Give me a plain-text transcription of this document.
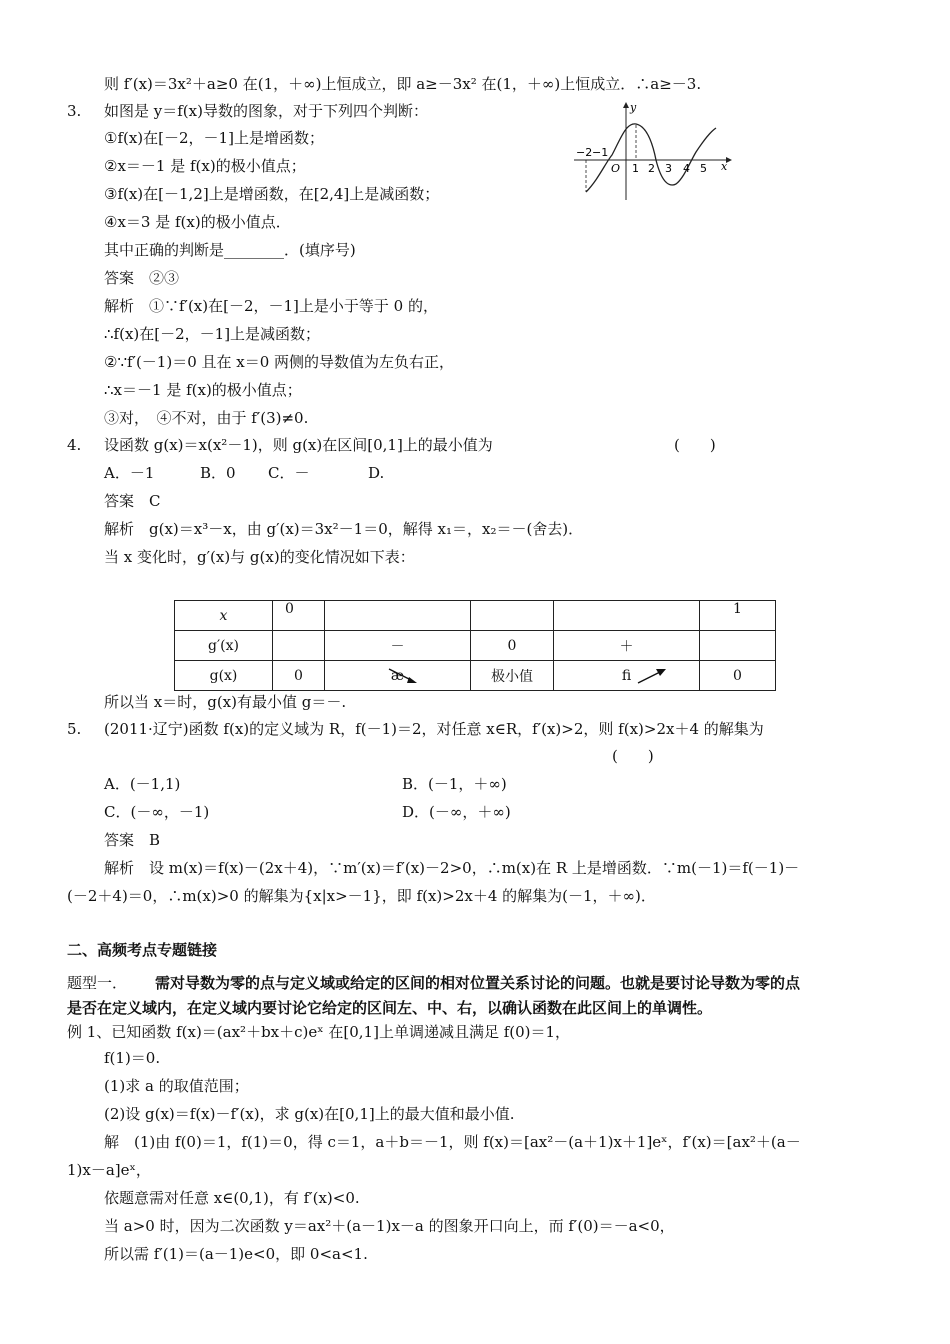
则 f′(x)＝3x²＋a≥0 在(1，＋∞)上恒成立，即 a≥－3x² 在(1，＋∞)上恒成立．∴a≥－3.
3. 如图是 y＝f(x)导数的图象，对于下列四个判断：
①f(x)在[－2，－1]上是增函数；
②x＝－1 是 f(x)的极小值点；
③f(x)在[－1,2]上是增函数，在[2,4]上是减函数；
④x＝3 是 f(x)的极小值点．
其中正确的判断是________．(填序号)
答案　②③
解析　①∵f′(x)在[－2，－1]上是小于等于 0 的，
∴f(x)在[－2，－1]上是减函数；
②∵f′(－1)＝0 且在 x＝0 两侧的导数值为左负右正，
∴x＝－1 是 f(x)的极小值点；
③对，　④不对，由于 f′(3)≠0.
y
x
O
−2 −1
1 2 3 4 5
4. 设函数 g(x)＝x(x²－1)，则 g(x)在区间[0,1]上的最小值为	(　　)
A．－1	B．0 C．－	D.
答案　C
解析　g(x)＝x³－x，由 g′(x)＝3x²－1＝0，解得 x₁＝，x₂＝－(舍去)．
当 x 变化时，g′(x)与 g(x)的变化情况如下表：
x	0				1
g′(x)		－	0	＋	
g(x)	0	æ	极小值	ﬁ	0
所以当 x＝时，g(x)有最小值 g＝－.
5. (2011·辽宁)函数 f(x)的定义域为 R，f(－1)＝2，对任意 x∈R，f′(x)>2，则 f(x)>2x＋4 的解集为
(　　)
A．(－1,1)	B．(－1，＋∞)
C．(－∞，－1)	D．(－∞，＋∞)
答案　B
解析　设 m(x)＝f(x)－(2x＋4)，∵m′(x)＝f′(x)－2>0，∴m(x)在 R 上是增函数．∵m(－1)＝f(－1)－
(－2＋4)＝0，∴m(x)>0 的解集为{x|x>－1}，即 f(x)>2x＋4 的解集为(－1，＋∞)．
二、高频考点专题链接
题型一． 需对导数为零的点与定义域或给定的区间的相对位置关系讨论的问题。也就是要讨论导数为零的点
是否在定义域内，在定义域内要讨论它给定的区间左、中、右，以确认函数在此区间上的单调性。
例 1、已知函数 f(x)＝(ax²＋bx＋c)eˣ 在[0,1]上单调递减且满足 f(0)＝1，
f(1)＝0.
(1)求 a 的取值范围；
(2)设 g(x)＝f(x)－f′(x)，求 g(x)在[0,1]上的最大值和最小值.
解　(1)由 f(0)＝1，f(1)＝0，得 c＝1，a＋b＝－1，则 f(x)＝[ax²－(a＋1)x＋1]eˣ，f′(x)＝[ax²＋(a－
1)x－a]eˣ，
依题意需对任意 x∈(0,1)，有 f′(x)<0.
当 a>0 时，因为二次函数 y＝ax²＋(a－1)x－a 的图象开口向上，而 f′(0)＝－a<0，
所以需 f′(1)＝(a－1)e<0，即 0<a<1.
